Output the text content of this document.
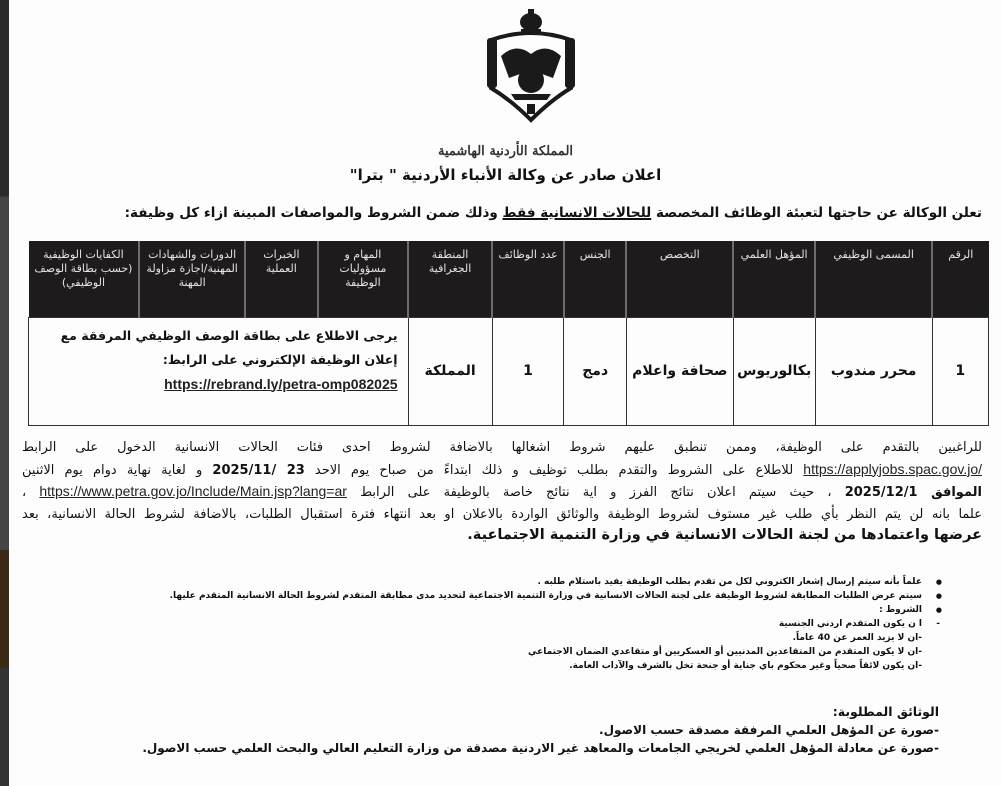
المملكة الأردنية الهاشمية
اعلان صادر عن وكالة الأنباء الأردنية " بترا"
تعلن الوكالة عن حاجتها لتعبئة الوظائف المخصصة للحالات الانسانية فقط وذلك ضمن الشروط والمواصفات المبينة ازاء كل وظيفة:
الرقم	المسمى الوظيفي	المؤهل العلمي	التخصص	الجنس	عدد الوظائف	المنطقة الجغرافية	المهام و مسؤوليات الوظيفة	الخبرات العملية	الدورات والشهادات المهنية/اجازة مزاولة المهنة	الكفايات الوظيفية (حسب بطاقة الوصف الوظيفي)
1	محرر مندوب	بكالوريوس	صحافة واعلام	دمج	1	المملكة	يرجى الاطلاع على بطاقة الوصف الوظيفي المرفقة مع إعلان الوظيفة الإلكتروني على الرابط:
https://rebrand.ly/petra-omp082025			
للراغبين بالتقدم على الوظيفة، وممن تنطبق عليهم شروط اشغالها بالاضافة لشروط احدى فئات الحالات الانسانية الدخول على الرابط
https://applyjobs.spac.gov.jo/ للاطلاع على الشروط والتقدم بطلب توظيف و ذلك ابتداءً من صباح يوم الاحد 23 /2025/11 و لغاية نهاية دوام يوم الاثنين
الموافق 2025/12/1 ، حيث سيتم اعلان نتائج الفرز و اية نتائج خاصة بالوظيفة على الرابط https://www.petra.gov.jo/Include/Main.jsp?lang=ar ،
علما بانه لن يتم النظر بأي طلب غير مستوف لشروط الوظيفة والوثائق الواردة بالاعلان او بعد انتهاء فترة استقبال الطلبات، بالاضافة لشروط الحالة الانسانية، بعد
عرضها واعتمادها من لجنة الحالات الانسانية في وزارة التنمية الاجتماعية.
● علماً بأنه سيتم إرسال إشعار الكتروني لكل من تقدم بطلب الوظيفة يفيد باستلام طلبه .
● سيتم عرض الطلبات المطابقة لشروط الوظيفة على لجنة الحالات الانسانية في وزارة التنمية الاجتماعية لتحديد مدى مطابقة المتقدم لشروط الحالة الانسانية المتقدم عليها.
● الشروط :
- ا ن يكون المتقدم اردني الجنسية
-ان لا يزيد العمر عن 40 عاماً.
-ان لا يكون المتقدم من المتقاعدين المدنيين أو العسكريين أو متقاعدي الضمان الاجتماعي
-ان يكون لائقاً صحياً وغير محكوم باي جناية أو جنحة تخل بالشرف والآداب العامة.
الوثائق المطلوبة:
-صورة عن المؤهل العلمي المرفقة مصدقة حسب الاصول.
-صورة عن معادلة المؤهل العلمي لخريجي الجامعات والمعاهد غير الاردنية مصدقة من وزارة التعليم العالي والبحث العلمي حسب الاصول.
